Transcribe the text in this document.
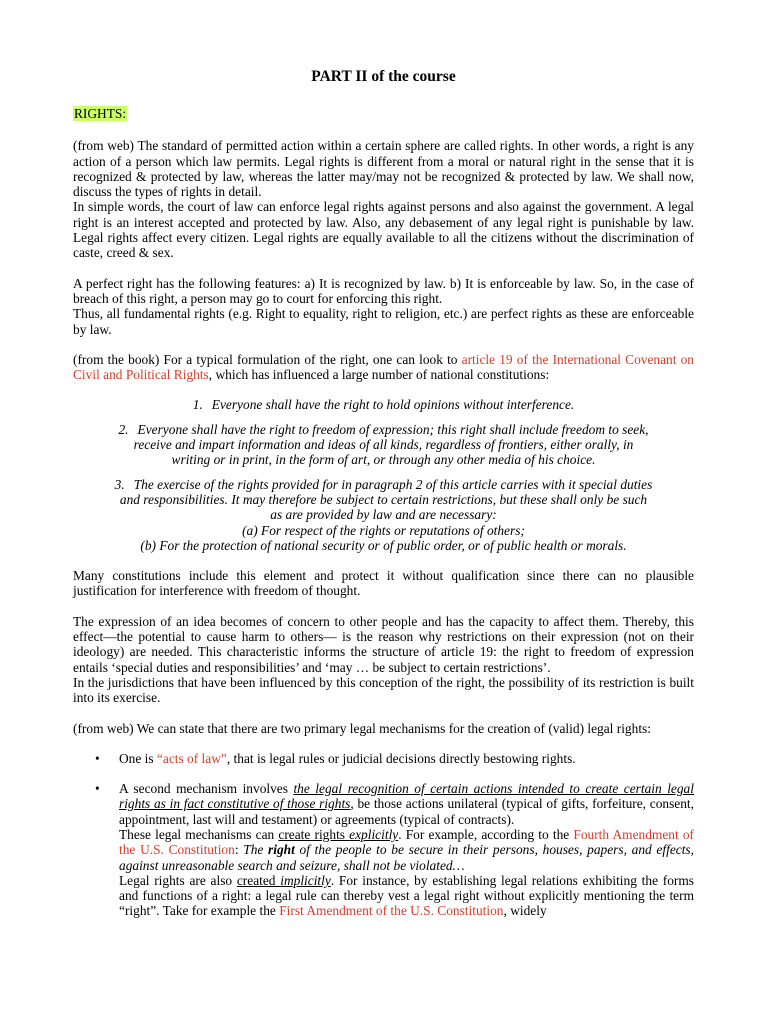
PART II of the course
RIGHTS:

(from web) The standard of permitted action within a certain sphere are called rights. In other words, a right is any action of a person which law permits. Legal rights is different from a moral or natural right in the sense that it is recognized & protected by law, whereas the latter may/may not be recognized & protected by law. We shall now, discuss the types of rights in detail.

In simple words, the court of law can enforce legal rights against persons and also against the government. A legal right is an interest accepted and protected by law. Also, any debasement of any legal right is punishable by law. Legal rights affect every citizen. Legal rights are equally available to all the citizens without the discrimination of caste, creed & sex.

A perfect right has the following features: a) It is recognized by law. b) It is enforceable by law. So, in the case of breach of this right, a person may go to court for enforcing this right.

Thus, all fundamental rights (e.g. Right to equality, right to religion, etc.) are perfect rights as these are enforceable by law.

(from the book) For a typical formulation of the right, one can look to article 19 of the International Covenant on Civil and Political Rights, which has influenced a large number of national constitutions:

1. Everyone shall have the right to hold opinions without interference.
2. Everyone shall have the right to freedom of expression; this right shall include freedom to seek,
receive and impart information and ideas of all kinds, regardless of frontiers, either orally, in
writing or in print, in the form of art, or through any other media of his choice.
3. The exercise of the rights provided for in paragraph 2 of this article carries with it special duties
and responsibilities. It may therefore be subject to certain restrictions, but these shall only be such
as are provided by law and are necessary:
(a) For respect of the rights or reputations of others;
(b) For the protection of national security or of public order, or of public health or morals.

Many constitutions include this element and protect it without qualification since there can no plausible justification for interference with freedom of thought.

The expression of an idea becomes of concern to other people and has the capacity to affect them. Thereby, this effect—the potential to cause harm to others— is the reason why restrictions on their expression (not on their ideology) are needed. This characteristic informs the structure of article 19: the right to freedom of expression entails ‘special duties and responsibilities’ and ‘may … be subject to certain restrictions’.

In the jurisdictions that have been influenced by this conception of the right, the possibility of its restriction is built into its exercise.

(from web) We can state that there are two primary legal mechanisms for the creation of (valid) legal rights:

• One is “acts of law”, that is legal rules or judicial decisions directly bestowing rights.
• A second mechanism involves the legal recognition of certain actions intended to create certain legal rights as in fact constitutive of those rights, be those actions unilateral (typical of gifts, forfeiture, consent, appointment, last will and testament) or agreements (typical of contracts).
These legal mechanisms can create rights explicitly. For example, according to the Fourth Amendment of the U.S. Constitution: The right of the people to be secure in their persons, houses, papers, and effects, against unreasonable search and seizure, shall not be violated…
Legal rights are also created implicitly. For instance, by establishing legal relations exhibiting the forms and functions of a right: a legal rule can thereby vest a legal right without explicitly mentioning the term “right”. Take for example the First Amendment of the U.S. Constitution, widely
